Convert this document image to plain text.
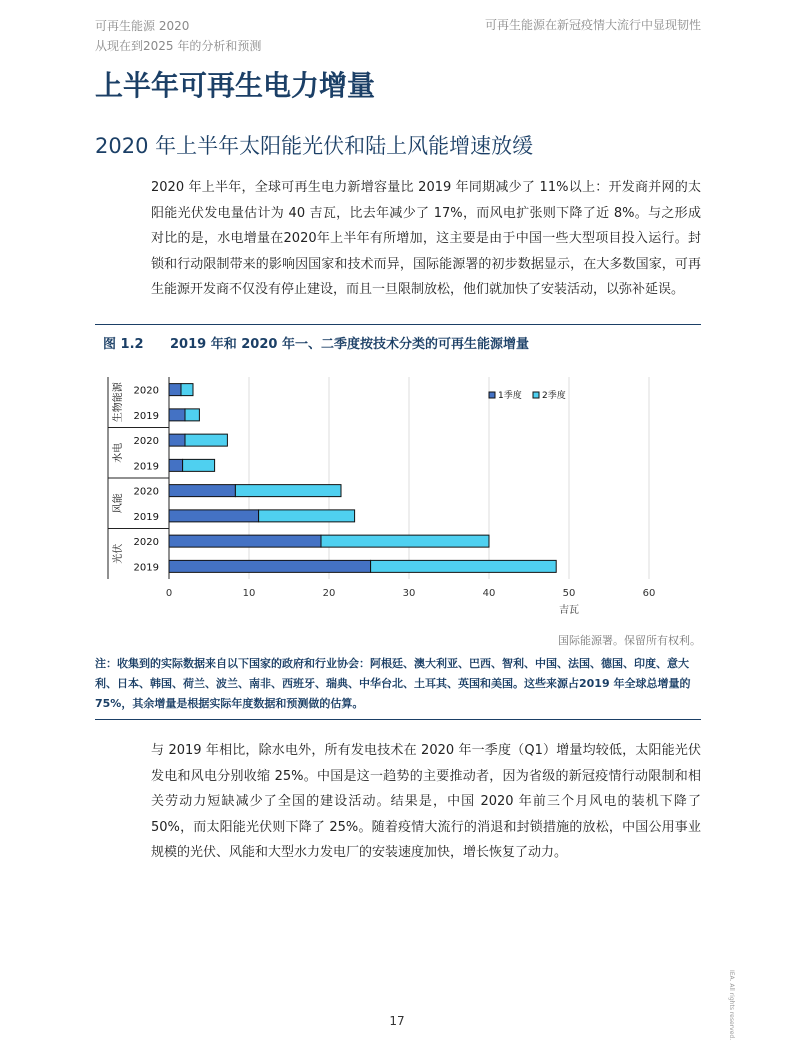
可再生能源 2020
从现在到2025 年的分析和预测
可再生能源在新冠疫情大流行中显现韧性
上半年可再生电力增量
2020 年上半年太阳能光伏和陆上风能增速放缓

2020 年上半年，全球可再生电力新增容量比 2019 年同期减少了 11%以上：开发商并网的太阳能光伏发电量估计为 40 吉瓦，比去年减少了 17%，而风电扩张则下降了近 8%。与之形成对比的是，水电增量在2020年上半年有所增加，这主要是由于中国一些大型项目投入运行。封锁和行动限制带来的影响因国家和技术而异，国际能源署的初步数据显示，在大多数国家，可再生能源开发商不仅没有停止建设，而且一旦限制放松，他们就加快了安装活动，以弥补延误。

图 1.2 2019 年和 2020 年一、二季度按技术分类的可再生能源增量
0	10	20	30	40	50	60
吉瓦
生物能源 2020
2019
水电
2020
2019
风能
2020
2019
光伏
2020
2019
1季度 2季度
国际能源署。保留所有权利。

注：收集到的实际数据来自以下国家的政府和行业协会：阿根廷、澳大利亚、巴西、智利、中国、法国、德国、印度、意大利、日本、韩国、荷兰、波兰、南非、西班牙、瑞典、中华台北、土耳其、英国和美国。这些来源占2019 年全球总增量的 75%，其余增量是根据实际年度数据和预测做的估算。

与 2019 年相比，除水电外，所有发电技术在 2020 年一季度（Q1）增量均较低，太阳能光伏发电和风电分别收缩 25%。中国是这一趋势的主要推动者，因为省级的新冠疫情行动限制和相关劳动力短缺减少了全国的建设活动。结果是，中国 2020 年前三个月风电的装机下降了 50%，而太阳能光伏则下降了 25%。随着疫情大流行的消退和封锁措施的放松，中国公用事业规模的光伏、风能和大型水力发电厂的安装速度加快，增长恢复了动力。

17	IEA. All rights reserved.
